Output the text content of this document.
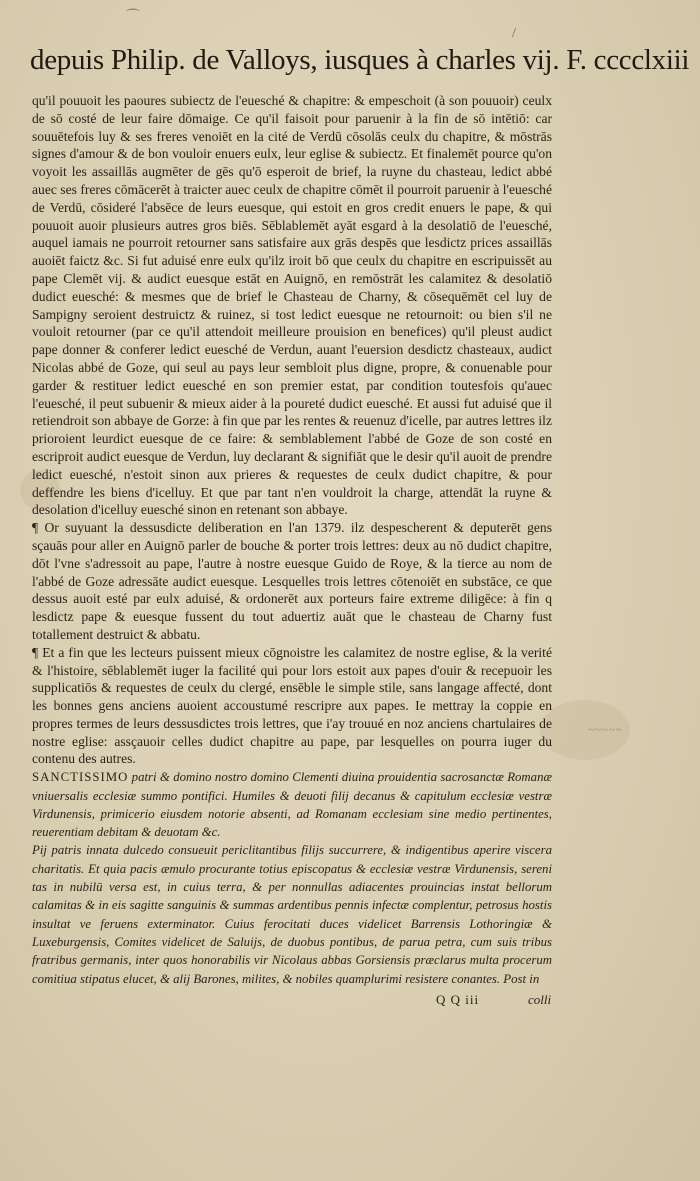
⌒
/
depuis Philip. de Valloys, iusques à charles vij. F. cccclxiii

qu'il pouuoit les paoures subiectz de l'euesché & chapitre: & empeschoit (à son pouuoir) ceulx de sō costé de leur faire dōmaige. Ce qu'il faisoit pour paruenir à la fin de sō intētiō: car souuētefois luy & ses freres venoiēt en la cité de Verdū cōsolās ceulx du chapitre, & mōstrās signes d'amour & de bon vouloir enuers eulx, leur eglise & subiectz. Et finalemēt pource qu'on voyoit les assaillās augmēter de gēs qu'ō esperoit de brief, la ruyne du chasteau, ledict abbé auec ses freres cōmācerēt à traicter auec ceulx de chapitre cōmēt il pourroit paruenir à l'euesché de Verdū, cōsideré l'absēce de leurs euesque, qui estoit en gros credit enuers le pape, & qui pouuoit auoir plusieurs autres gros biēs. Sēblablemēt ayāt esgard à la desolatiō de l'euesché, auquel iamais ne pourroit retourner sans satisfaire aux grās despēs que lesdictz prices assaillās auoiēt faictz &c. Si fut aduisé enre eulx qu'ilz iroit bō que ceulx du chapitre en escripuissēt au pape Clemēt vij. & audict euesque estāt en Auignō, en remōstrāt les calamitez & desolatiō dudict euesché: & mesmes que de brief le Chasteau de Charny, & cōsequēmēt cel luy de Sampigny seroient destruictz & ruinez, si tost ledict euesque ne retournoit: ou bien s'il ne vouloit retourner (par ce qu'il attendoit meilleure prouision en benefices) qu'il pleust audict pape donner & conferer ledict euesché de Verdun, auant l'euersion desdictz chasteaux, audict Nicolas abbé de Goze, qui seul au pays leur sembloit plus digne, propre, & conuenable pour garder & restituer ledict euesché en son premier estat, par condition toutesfois qu'auec l'euesché, il peut subuenir & mieux aider à la poureté dudict euesché. Et aussi fut aduisé que il retiendroit son abbaye de Gorze: à fin que par les rentes & reuenuz d'icelle, par autres lettres ilz prioroient leurdict euesque de ce faire: & semblablement l'abbé de Goze de son costé en escriproit audict euesque de Verdun, luy declarant & signifiāt que le desir qu'il auoit de prendre ledict euesché, n'estoit sinon aux prieres & requestes de ceulx dudict chapitre, & pour deffendre les biens d'icelluy. Et que par tant n'en vouldroit la charge, attendāt la ruyne & desolation d'icelluy euesché sinon en retenant son abbaye.

¶ Or suyuant la dessusdicte deliberation en l'an 1379. ilz despescherent & deputerēt gens sçauās pour aller en Auignō parler de bouche & porter trois lettres: deux au nō dudict chapitre, dōt l'vne s'adressoit au pape, l'autre à nostre euesque Guido de Roye, & la tierce au nom de l'abbé de Goze adressāte audict euesque. Lesquelles trois lettres cōtenoiēt en substāce, ce que dessus auoit esté par eulx aduisé, & ordonerēt aux porteurs faire extreme diligēce: à fin q lesdictz pape & euesque fussent du tout aduertiz auāt que le chasteau de Charny fust totallement destruict & abbatu.

¶ Et a fin que les lecteurs puissent mieux cōgnoistre les calamitez de nostre eglise, & la verité & l'histoire, sēblablemēt iuger la facilité qui pour lors estoit aux papes d'ouir & recepuoir les supplicatiōs & requestes de ceulx du clergé, ensēble le simple stile, sans langage affecté, dont les bonnes gens anciens auoient accoustumé rescripre aux papes. Ie mettray la coppie en propres termes de leurs dessusdictes trois lettres, que i'ay trouué en noz anciens chartulaires de nostre eglise: assçauoir celles dudict chapitre au pape, par lesquelles on pourra iuger du contenu des autres.

SANCTISSIMO patri & domino nostro domino Clementi diuina prouidentia sacrosanctæ Romanæ vniuersalis ecclesiæ summo pontifici. Humiles & deuoti filij decanus & capitulum ecclesiæ vestræ Virdunensis, primicerio eiusdem notorie absenti, ad Romanam ecclesiam sine medio pertinentes, reuerentiam debitam & deuotam &c.

Pij patris innata dulcedo consueuit periclitantibus filijs succurrere, & indigentibus aperire viscera charitatis. Et quia pacis æmulo procurante totius episcopatus & ecclesiæ vestræ Virdunensis, sereni tas in nubilū versa est, in cuius terra, & per nonnullas adiacentes prouincias instat bellorum calamitas & in eis sagitte sanguinis & summas ardentibus pennis infectæ complentur, petrosus hostis insultat ve feruens exterminator. Cuius ferocitati duces videlicet Barrensis Lothoringiæ & Luxeburgensis, Comites videlicet de Saluijs, de duobus pontibus, de parua petra, cum suis tribus fratribus germanis, inter quos honorabilis vir Nicolaus abbas Gorsiensis præclarus multa procerum comitiua stipatus elucet, & alij Barones, milites, & nobiles quamplurimi resistere conantes. Post in

~~~~~
Q Q iii	colli
